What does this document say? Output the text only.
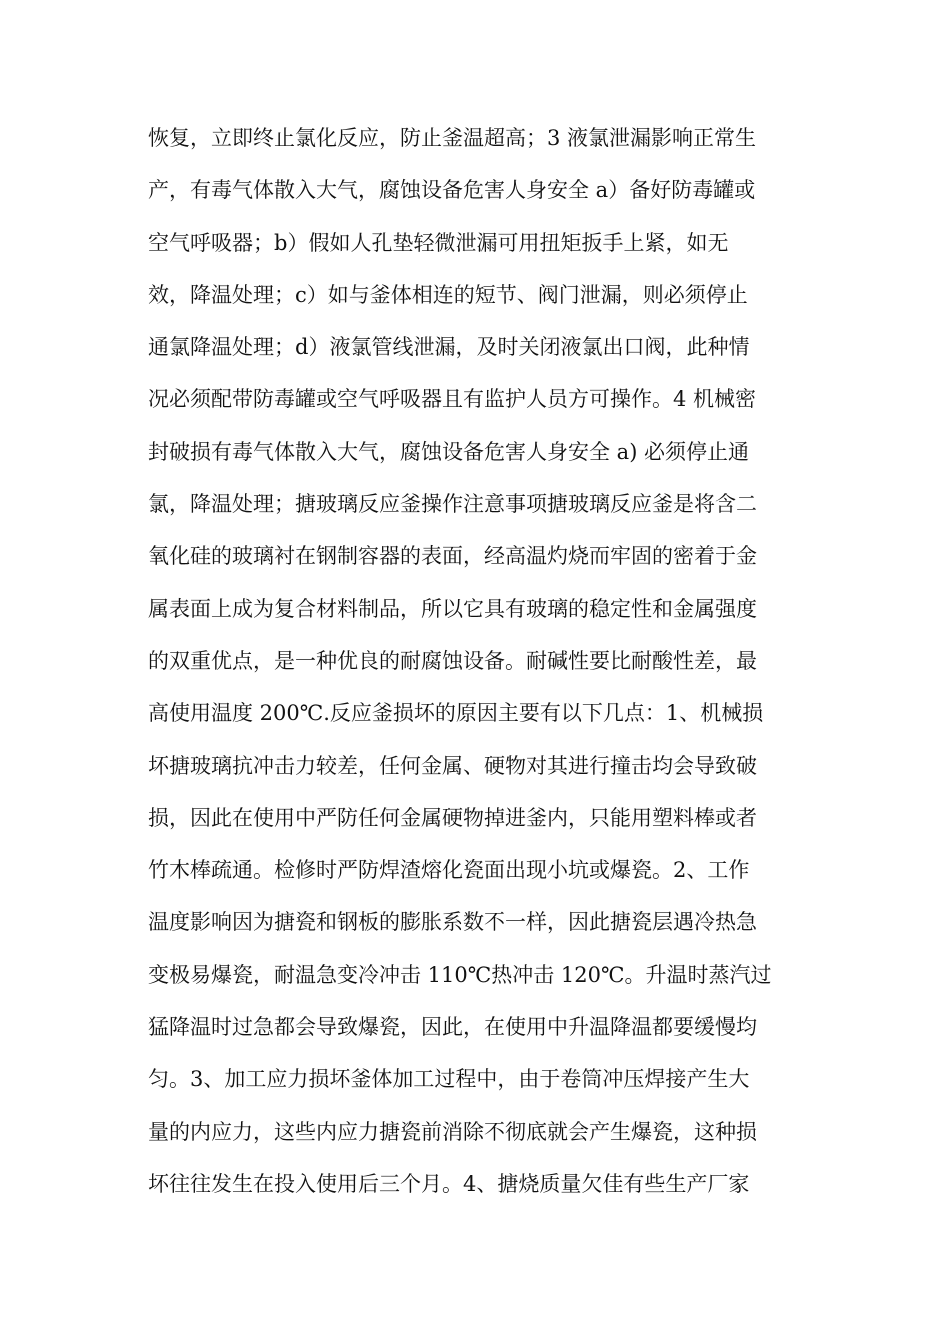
恢复，立即终止氯化反应，防止釜温超高；3 液氯泄漏影响正常生
产，有毒气体散入大气，腐蚀设备危害人身安全 a）备好防毒罐或
空气呼吸器；b）假如人孔垫轻微泄漏可用扭矩扳手上紧，如无
效，降温处理；c）如与釜体相连的短节、阀门泄漏，则必须停止
通氯降温处理；d）液氯管线泄漏，及时关闭液氯出口阀，此种情
况必须配带防毒罐或空气呼吸器且有监护人员方可操作。4 机械密
封破损有毒气体散入大气，腐蚀设备危害人身安全 a) 必须停止通
氯，降温处理；搪玻璃反应釜操作注意事项搪玻璃反应釜是将含二
氧化硅的玻璃衬在钢制容器的表面，经高温灼烧而牢固的密着于金
属表面上成为复合材料制品，所以它具有玻璃的稳定性和金属强度
的双重优点，是一种优良的耐腐蚀设备。耐碱性要比耐酸性差，最
高使用温度 200℃.反应釜损坏的原因主要有以下几点：1、机械损
坏搪玻璃抗冲击力较差，任何金属、硬物对其进行撞击均会导致破
损，因此在使用中严防任何金属硬物掉进釜内，只能用塑料棒或者
竹木棒疏通。检修时严防焊渣熔化瓷面出现小坑或爆瓷。2、工作
温度影响因为搪瓷和钢板的膨胀系数不一样，因此搪瓷层遇冷热急
变极易爆瓷，耐温急变冷冲击 110℃热冲击 120℃。升温时蒸汽过
猛降温时过急都会导致爆瓷，因此，在使用中升温降温都要缓慢均
匀。3、加工应力损坏釜体加工过程中，由于卷筒冲压焊接产生大
量的内应力，这些内应力搪瓷前消除不彻底就会产生爆瓷，这种损
坏往往发生在投入使用后三个月。4、搪烧质量欠佳有些生产厂家
